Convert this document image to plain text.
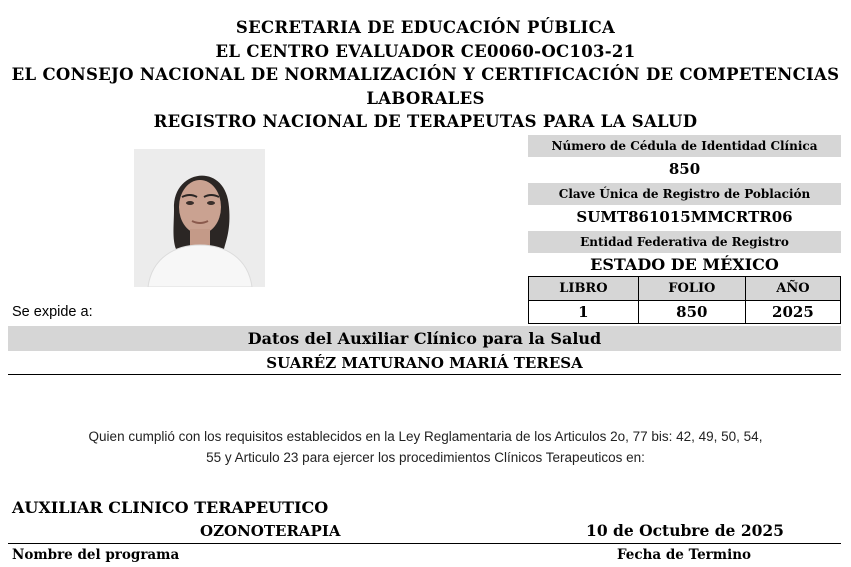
SECRETARIA DE EDUCACIÓN PÚBLICA
EL CENTRO EVALUADOR CE0060-OC103-21
EL CONSEJO NACIONAL DE NORMALIZACIÓN Y CERTIFICACIÓN DE COMPETENCIAS
LABORALES
REGISTRO NACIONAL DE TERAPEUTAS PARA LA SALUD
Número de Cédula de Identidad Clínica
850
Clave Única de Registro de Población
SUMT861015MMCRTR06
Entidad Federativa de Registro
ESTADO DE MÉXICO
LIBRO	FOLIO	AÑO
1	850	2025
Se expide a:
Datos del Auxiliar Clínico para la Salud
SUARÉZ MATURANO MARIÁ TERESA
Quien cumplió con los requisitos establecidos en la Ley Reglamentaria de los Articulos 2o, 77 bis: 42, 49, 50, 54,
55 y Articulo 23 para ejercer los procedimientos Clínicos Terapeuticos en:
AUXILIAR CLINICO TERAPEUTICO
OZONOTERAPIA	10 de Octubre de 2025
Nombre del programa	Fecha de Termino
